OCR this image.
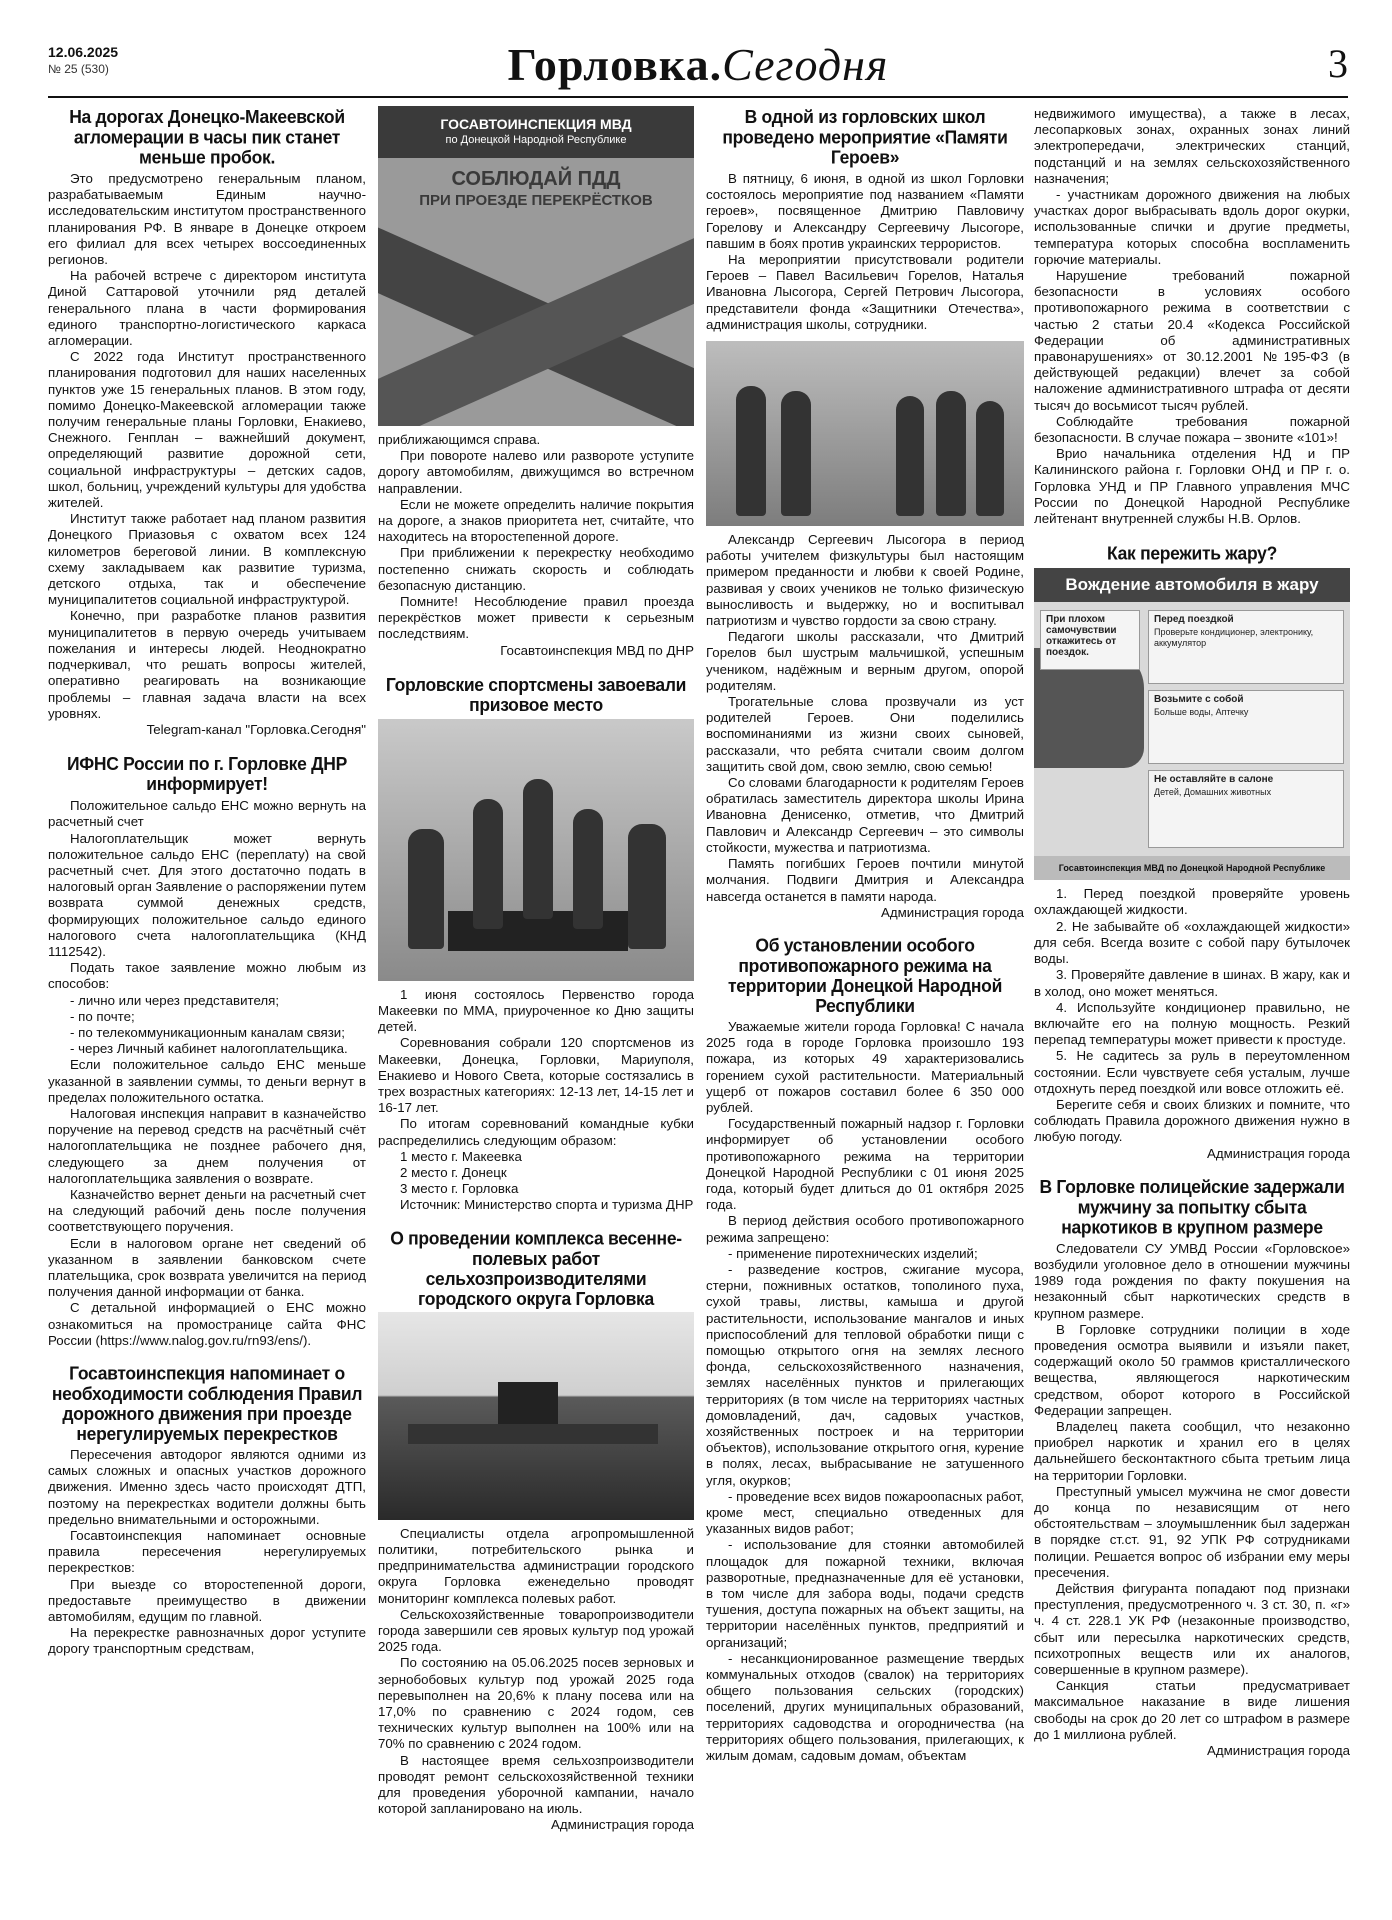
12.06.2025
№ 25 (530)	Горловка.Сегодня	3
На дорогах Донецко-Макеевской агломерации в часы пик станет меньше пробок.

Это предусмотрено генеральным планом, разрабатываемым Единым научно-исследовательским институтом пространственного планирования РФ. В январе в Донецке откроем его филиал для всех четырех воссоединенных регионов.

На рабочей встрече с директором института Диной Саттаровой уточнили ряд деталей генерального плана в части формирования единого транспортно-логистического каркаса агломерации.

С 2022 года Институт пространственного планирования подготовил для наших населенных пунктов уже 15 генеральных планов. В этом году, помимо Донецко-Макеевской агломерации также получим генеральные планы Горловки, Енакиево, Снежного. Генплан – важнейший документ, определяющий развитие дорожной сети, социальной инфраструктуры – детских садов, школ, больниц, учреждений культуры для удобства жителей.

Институт также работает над планом развития Донецкого Приазовья с охватом всех 124 километров береговой линии. В комплексную схему закладываем как развитие туризма, детского отдыха, так и обеспечение муниципалитетов социальной инфраструктурой.

Конечно, при разработке планов развития муниципалитетов в первую очередь учитываем пожелания и интересы людей. Неоднократно подчеркивал, что решать вопросы жителей, оперативно реагировать на возникающие проблемы – главная задача власти на всех уровнях.

Telegram-канал "Горловка.Сегодня"

ИФНС России по г. Горловке ДНР информирует!

Положительное сальдо ЕНС можно вернуть на расчетный счет

Налогоплательщик может вернуть положительное сальдо ЕНС (переплату) на свой расчетный счет. Для этого достаточно подать в налоговый орган Заявление о распоряжении путем возврата суммой денежных средств, формирующих положительное сальдо единого налогового счета налогоплательщика (КНД 1112542).

Подать такое заявление можно любым из способов:

- лично или через представителя;

- по почте;

- по телекоммуникационным каналам связи;

- через Личный кабинет налогоплательщика.

Если положительное сальдо ЕНС меньше указанной в заявлении суммы, то деньги вернут в пределах положительного остатка.

Налоговая инспекция направит в казначейство поручение на перевод средств на расчётный счёт налогоплательщика не позднее рабочего дня, следующего за днем получения от налогоплательщика заявления о возврате.

Казначейство вернет деньги на расчетный счет на следующий рабочий день после получения соответствующего поручения.

Если в налоговом органе нет сведений об указанном в заявлении банковском счете плательщика, срок возврата увеличится на период получения данной информации от банка.

С детальной информацией о ЕНС можно ознакомиться на промостранице сайта ФНС России (https://www.nalog.gov.ru/rn93/ens/).

Госавтоинспекция напоминает о необходимости соблюдения Правил дорожного движения при проезде нерегулируемых перекрестков

Пересечения автодорог являются одними из самых сложных и опасных участков дорожного движения. Именно здесь часто происходят ДТП, поэтому на перекрестках водители должны быть предельно внимательными и осторожными.

Госавтоинспекция напоминает основные правила пересечения нерегулируемых перекрестков:

При выезде со второстепенной дороги, предоставьте преимущество в движении автомобилям, едущим по главной.

На перекрестке равнозначных дорог уступите дорогу транспортным средствам,

ГОСАВТОИНСПЕКЦИЯ МВД
по Донецкой Народной Республике
СОБЛЮДАЙ ПДД
ПРИ ПРОЕЗДЕ ПЕРЕКРЁСТКОВ

приближающимся справа.

При повороте налево или развороте уступите дорогу автомобилям, движущимся во встречном направлении.

Если не можете определить наличие покрытия на дороге, а знаков приоритета нет, считайте, что находитесь на второстепенной дороге.

При приближении к перекрестку необходимо постепенно снижать скорость и соблюдать безопасную дистанцию.

Помните! Несоблюдение правил проезда перекрёстков может привести к серьезным последствиям.

Госавтоинспекция МВД по ДНР

Горловские спортсмены завоевали призовое место

1 июня состоялось Первенство города Макеевки по ММА, приуроченное ко Дню защиты детей.

Соревнования собрали 120 спортсменов из Макеевки, Донецка, Горловки, Мариуполя, Енакиево и Нового Света, которые состязались в трех возрастных категориях: 12-13 лет, 14-15 лет и 16-17 лет.

По итогам соревнований командные кубки распределились следующим образом:

1 место г. Макеевка

2 место г. Донецк

3 место г. Горловка

Источник: Министерство спорта и туризма ДНР

О проведении комплекса весенне-полевых работ сельхозпроизводителями городского округа Горловка

Специалисты отдела агропромышленной политики, потребительского рынка и предпринимательства администрации городского округа Горловка еженедельно проводят мониторинг комплекса полевых работ.

Сельскохозяйственные товаропроизводители города завершили сев яровых культур под урожай 2025 года.

По состоянию на 05.06.2025 посев зерновых и зернобобовых культур под урожай 2025 года перевыполнен на 20,6% к плану посева или на 17,0% по сравнению с 2024 годом, сев технических культур выполнен на 100% или на 70% по сравнению с 2024 годом.

В настоящее время сельхозпроизводители проводят ремонт сельскохозяйственной техники для проведения уборочной кампании, начало которой запланировано на июль.

Администрация города

В одной из горловских школ проведено мероприятие «Памяти Героев»

В пятницу, 6 июня, в одной из школ Горловки состоялось мероприятие под названием «Памяти героев», посвященное Дмитрию Павловичу Горелову и Александру Сергеевичу Лысогоре, павшим в боях против украинских террористов.

На мероприятии присутствовали родители Героев – Павел Васильевич Горелов, Наталья Ивановна Лысогора, Сергей Петрович Лысогора, представители фонда «Защитники Отечества», администрация школы, сотрудники.

Александр Сергеевич Лысогора в период работы учителем физкультуры был настоящим примером преданности и любви к своей Родине, развивая у своих учеников не только физическую выносливость и выдержку, но и воспитывал патриотизм и чувство гордости за свою страну.

Педагоги школы рассказали, что Дмитрий Горелов был шустрым мальчишкой, успешным учеником, надёжным и верным другом, опорой родителям.

Трогательные слова прозвучали из уст родителей Героев. Они поделились воспоминаниями из жизни своих сыновей, рассказали, что ребята считали своим долгом защитить свой дом, свою землю, свою семью!

Со словами благодарности к родителям Героев обратилась заместитель директора школы Ирина Ивановна Денисенко, отметив, что Дмитрий Павлович и Александр Сергеевич – это символы стойкости, мужества и патриотизма.

Память погибших Героев почтили минутой молчания. Подвиги Дмитрия и Александра навсегда останется в памяти народа.

Администрация города

Об установлении особого противопожарного режима на территории Донецкой Народной Республики

Уважаемые жители города Горловка! С начала 2025 года в городе Горловка произошло 193 пожара, из которых 49 характеризовались горением сухой растительности. Материальный ущерб от пожаров составил более 6 350 000 рублей.

Государственный пожарный надзор г. Горловки информирует об установлении особого противопожарного режима на территории Донецкой Народной Республики с 01 июня 2025 года, который будет длиться до 01 октября 2025 года.

В период действия особого противопожарного режима запрещено:

- применение пиротехнических изделий;

- разведение костров, сжигание мусора, стерни, пожнивных остатков, тополиного пуха, сухой травы, листвы, камыша и другой растительности, использование мангалов и иных приспособлений для тепловой обработки пищи с помощью открытого огня на землях лесного фонда, сельскохозяйственного назначения, землях населённых пунктов и прилегающих территориях (в том числе на территориях частных домовладений, дач, садовых участков, хозяйственных построек и на территории объектов), использование открытого огня, курение в полях, лесах, выбрасывание не затушенного угля, окурков;

- проведение всех видов пожароопасных работ, кроме мест, специально отведенных для указанных видов работ;

- использование для стоянки автомобилей площадок для пожарной техники, включая разворотные, предназначенные для её установки, в том числе для забора воды, подачи средств тушения, доступа пожарных на объект защиты, на территории населённых пунктов, предприятий и организаций;

- несанкционированное размещение твердых коммунальных отходов (свалок) на территориях общего пользования сельских (городских) поселений, других муниципальных образований, территориях садоводства и огородничества (на территориях общего пользования, прилегающих, к жилым домам, садовым домам, объектам

недвижимого имущества), а также в лесах, лесопарковых зонах, охранных зонах линий электропередачи, электрических станций, подстанций и на землях сельскохозяйственного назначения;

- участникам дорожного движения на любых участках дорог выбрасывать вдоль дорог окурки, использованные спички и другие предметы, температура которых способна воспламенить горючие материалы.

Нарушение требований пожарной безопасности в условиях особого противопожарного режима в соответствии с частью 2 статьи 20.4 «Кодекса Российской Федерации об административных правонарушениях» от 30.12.2001 №195-ФЗ (в действующей редакции) влечет за собой наложение административного штрафа от десяти тысяч до восьмисот тысяч рублей.

Соблюдайте требования пожарной безопасности. В случае пожара – звоните «101»!

Врио начальника отделения НД и ПР Калининского района г. Горловки ОНД и ПР г. о. Горловка УНД и ПР Главного управления МЧС России по Донецкой Народной Республике лейтенант внутренней службы Н.В. Орлов.

Как пережить жару?
Вождение автомобиля в жару
При плохом самочувствии откажитесь от поездок.
Перед поездкой
Проверьте кондиционер, электронику, аккумулятор
Возьмите с собой
Больше воды, Аптечку
Не оставляйте в салоне
Детей, Домашних животных
Госавтоинспекция МВД по Донецкой Народной Республике

1. Перед поездкой проверяйте уровень охлаждающей жидкости.

2. Не забывайте об «охлаждающей жидкости» для себя. Всегда возите с собой пару бутылочек воды.

3. Проверяйте давление в шинах. В жару, как и в холод, оно может меняться.

4. Используйте кондиционер правильно, не включайте его на полную мощность. Резкий перепад температуры может привести к простуде.

5. Не садитесь за руль в переутомленном состоянии. Если чувствуете себя усталым, лучше отдохнуть перед поездкой или вовсе отложить её.

Берегите себя и своих близких и помните, что соблюдать Правила дорожного движения нужно в любую погоду.

Администрация города

В Горловке полицейские задержали мужчину за попытку сбыта наркотиков в крупном размере

Следователи СУ УМВД России «Горловское» возбудили уголовное дело в отношении мужчины 1989 года рождения по факту покушения на незаконный сбыт наркотических средств в крупном размере.

В Горловке сотрудники полиции в ходе проведения осмотра выявили и изъяли пакет, содержащий около 50 граммов кристаллического вещества, являющегося наркотическим средством, оборот которого в Российской Федерации запрещен.

Владелец пакета сообщил, что незаконно приобрел наркотик и хранил его в целях дальнейшего бесконтактного сбыта третьим лица на территории Горловки.

Преступный умысел мужчина не смог довести до конца по независящим от него обстоятельствам – злоумышленник был задержан в порядке ст.ст. 91, 92 УПК РФ сотрудниками полиции. Решается вопрос об избрании ему меры пресечения.

Действия фигуранта попадают под признаки преступления, предусмотренного ч. 3 ст. 30, п. «г» ч. 4 ст. 228.1 УК РФ (незаконные производство, сбыт или пересылка наркотических средств, психотропных веществ или их аналогов, совершенные в крупном размере).

Санкция статьи предусматривает максимальное наказание в виде лишения свободы на срок до 20 лет со штрафом в размере до 1 миллиона рублей.

Администрация города
